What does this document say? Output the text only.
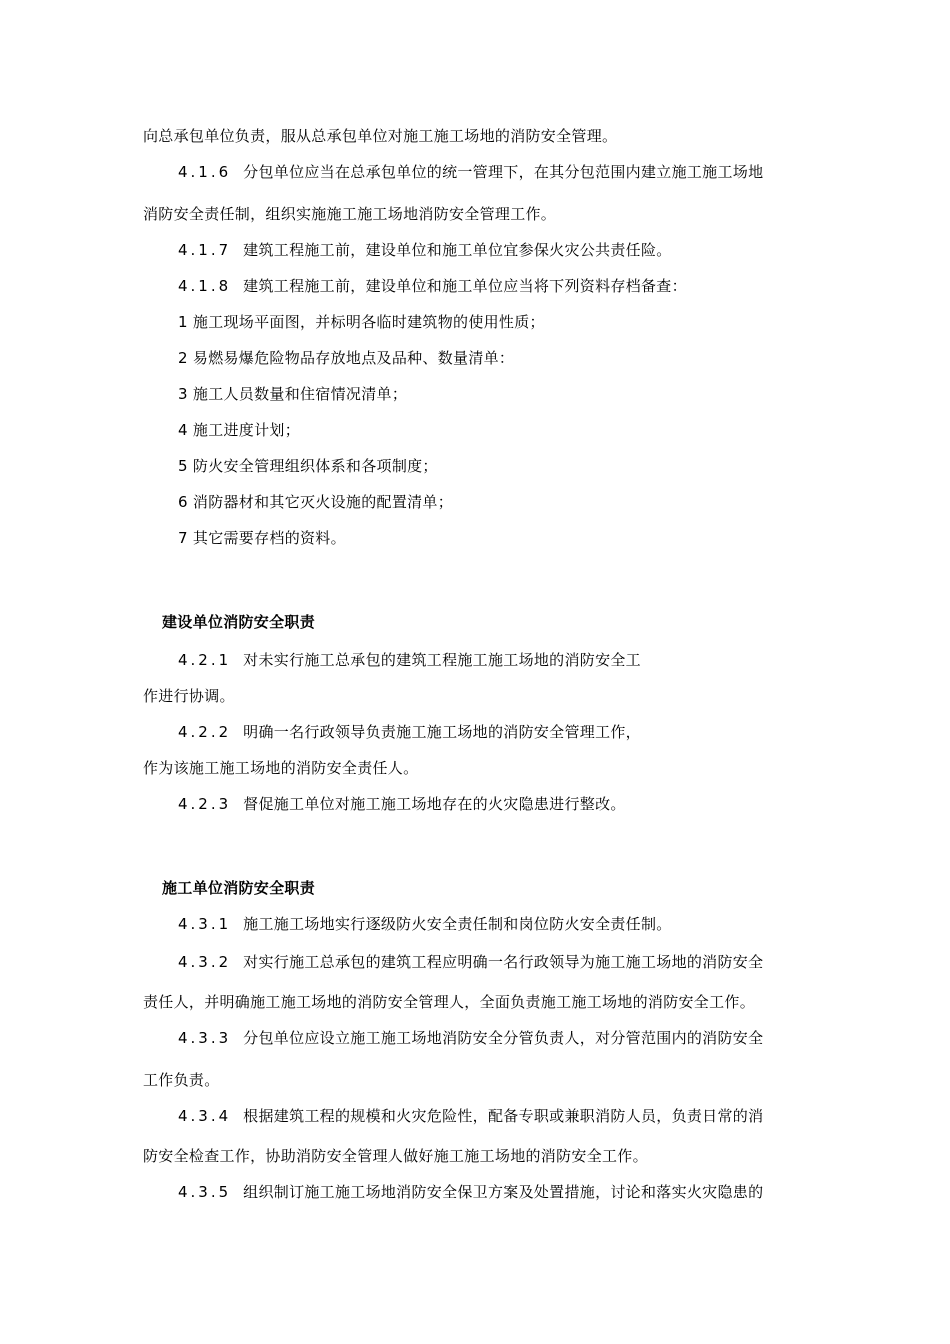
向总承包单位负责，服从总承包单位对施工施工场地的消防安全管理。
4.1.6 分包单位应当在总承包单位的统一管理下，在其分包范围内建立施工施工场地
消防安全责任制，组织实施施工施工场地消防安全管理工作。
4.1.7 建筑工程施工前，建设单位和施工单位宜参保火灾公共责任险。
4.1.8 建筑工程施工前，建设单位和施工单位应当将下列资料存档备查：
1 施工现场平面图，并标明各临时建筑物的使用性质；
2 易燃易爆危险物品存放地点及品种、数量清单：
3 施工人员数量和住宿情况清单；
4 施工进度计划；
5 防火安全管理组织体系和各项制度；
6 消防器材和其它灭火设施的配置清单；
7 其它需要存档的资料。
建设单位消防安全职责
4.2.1 对未实行施工总承包的建筑工程施工施工场地的消防安全工
作进行协调。
4.2.2 明确一名行政领导负责施工施工场地的消防安全管理工作，
作为该施工施工场地的消防安全责任人。
4.2.3 督促施工单位对施工施工场地存在的火灾隐患进行整改。
施工单位消防安全职责
4.3.1 施工施工场地实行逐级防火安全责任制和岗位防火安全责任制。
4.3.2 对实行施工总承包的建筑工程应明确一名行政领导为施工施工场地的消防安全
责任人，并明确施工施工场地的消防安全管理人，全面负责施工施工场地的消防安全工作。
4.3.3 分包单位应设立施工施工场地消防安全分管负责人，对分管范围内的消防安全
工作负责。
4.3.4 根据建筑工程的规模和火灾危险性，配备专职或兼职消防人员，负责日常的消
防安全检查工作，协助消防安全管理人做好施工施工场地的消防安全工作。
4.3.5 组织制订施工施工场地消防安全保卫方案及处置措施，讨论和落实火灾隐患的
